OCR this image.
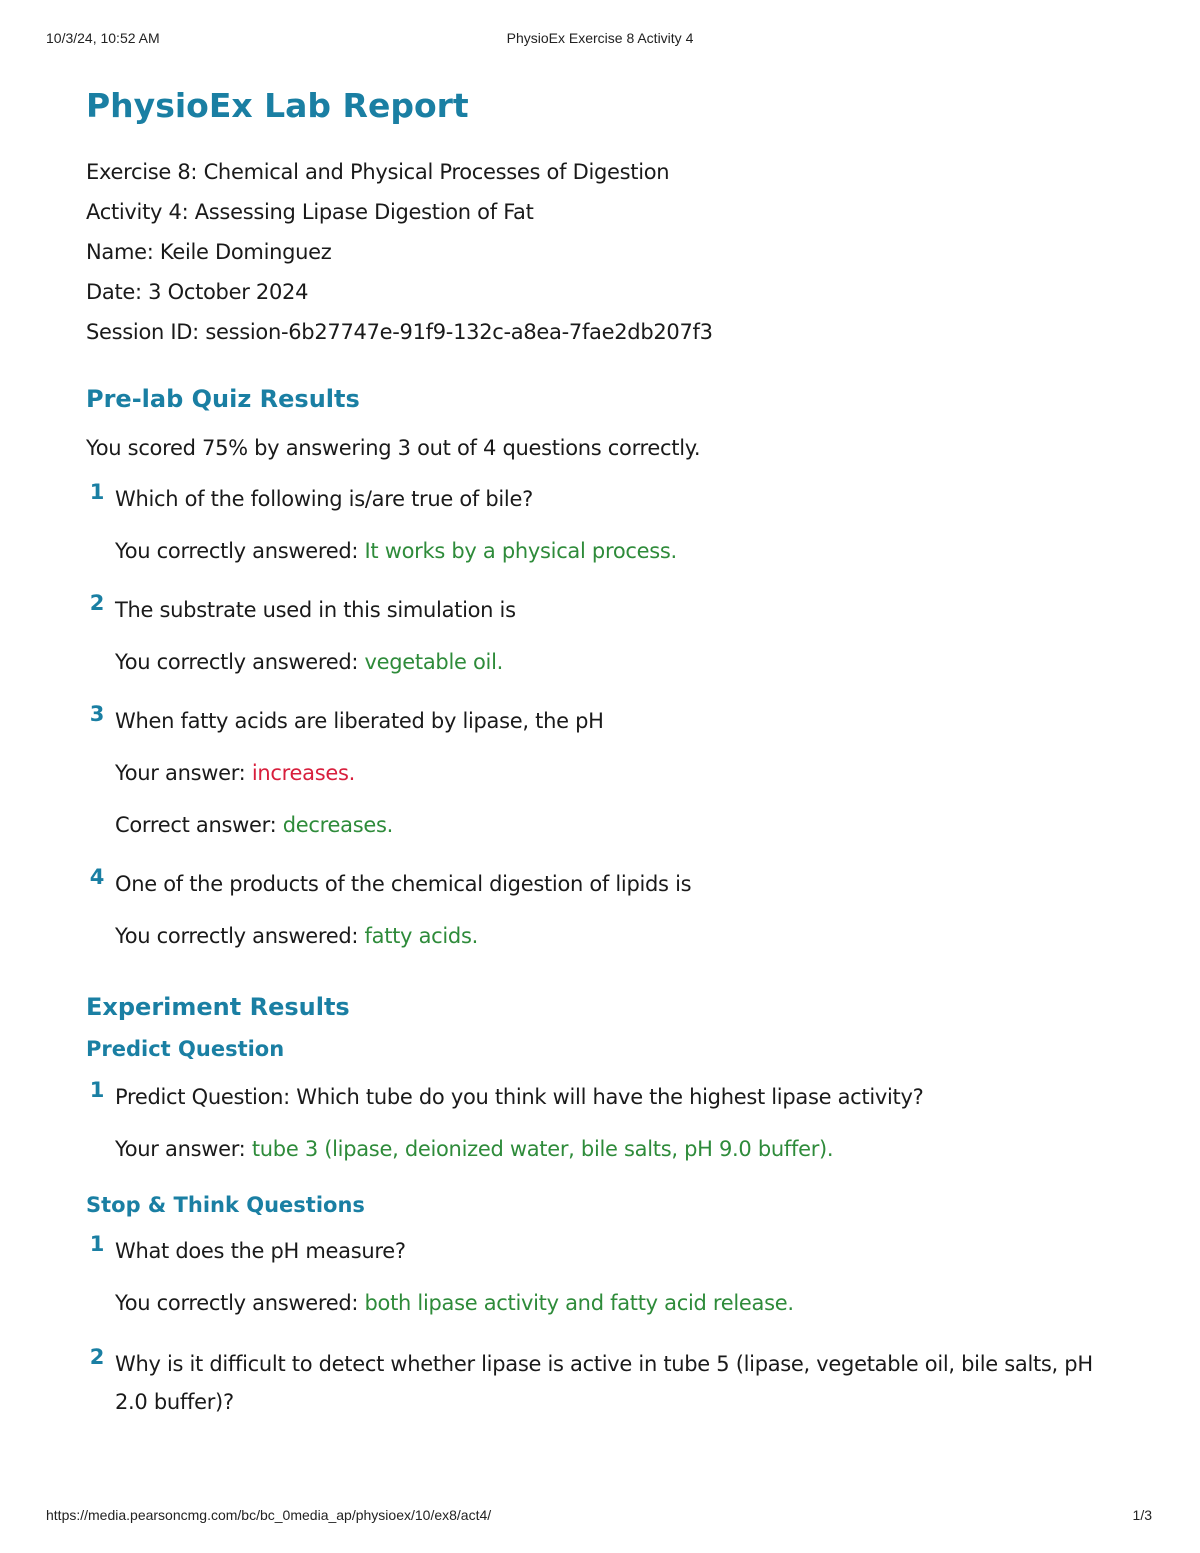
10/3/24, 10:52 AM	PhysioEx Exercise 8 Activity 4
PhysioEx Lab Report
Exercise 8: Chemical and Physical Processes of Digestion
Activity 4: Assessing Lipase Digestion of Fat
Name: Keile Dominguez
Date: 3 October 2024
Session ID: session-6b27747e-91f9-132c-a8ea-7fae2db207f3
Pre-lab Quiz Results
You scored 75% by answering 3 out of 4 questions correctly.
1 Which of the following is/are true of bile?
You correctly answered: It works by a physical process.
2 The substrate used in this simulation is
You correctly answered: vegetable oil.
3 When fatty acids are liberated by lipase, the pH
Your answer: increases.
Correct answer: decreases.
4 One of the products of the chemical digestion of lipids is
You correctly answered: fatty acids.
Experiment Results
Predict Question
1 Predict Question: Which tube do you think will have the highest lipase activity?
Your answer: tube 3 (lipase, deionized water, bile salts, pH 9.0 buffer).
Stop & Think Questions
1 What does the pH measure?
You correctly answered: both lipase activity and fatty acid release.
2 Why is it difficult to detect whether lipase is active in tube 5 (lipase, vegetable oil, bile salts, pH 2.0 buffer)?
https://media.pearsoncmg.com/bc/bc_0media_ap/physioex/10/ex8/act4/	1/3
